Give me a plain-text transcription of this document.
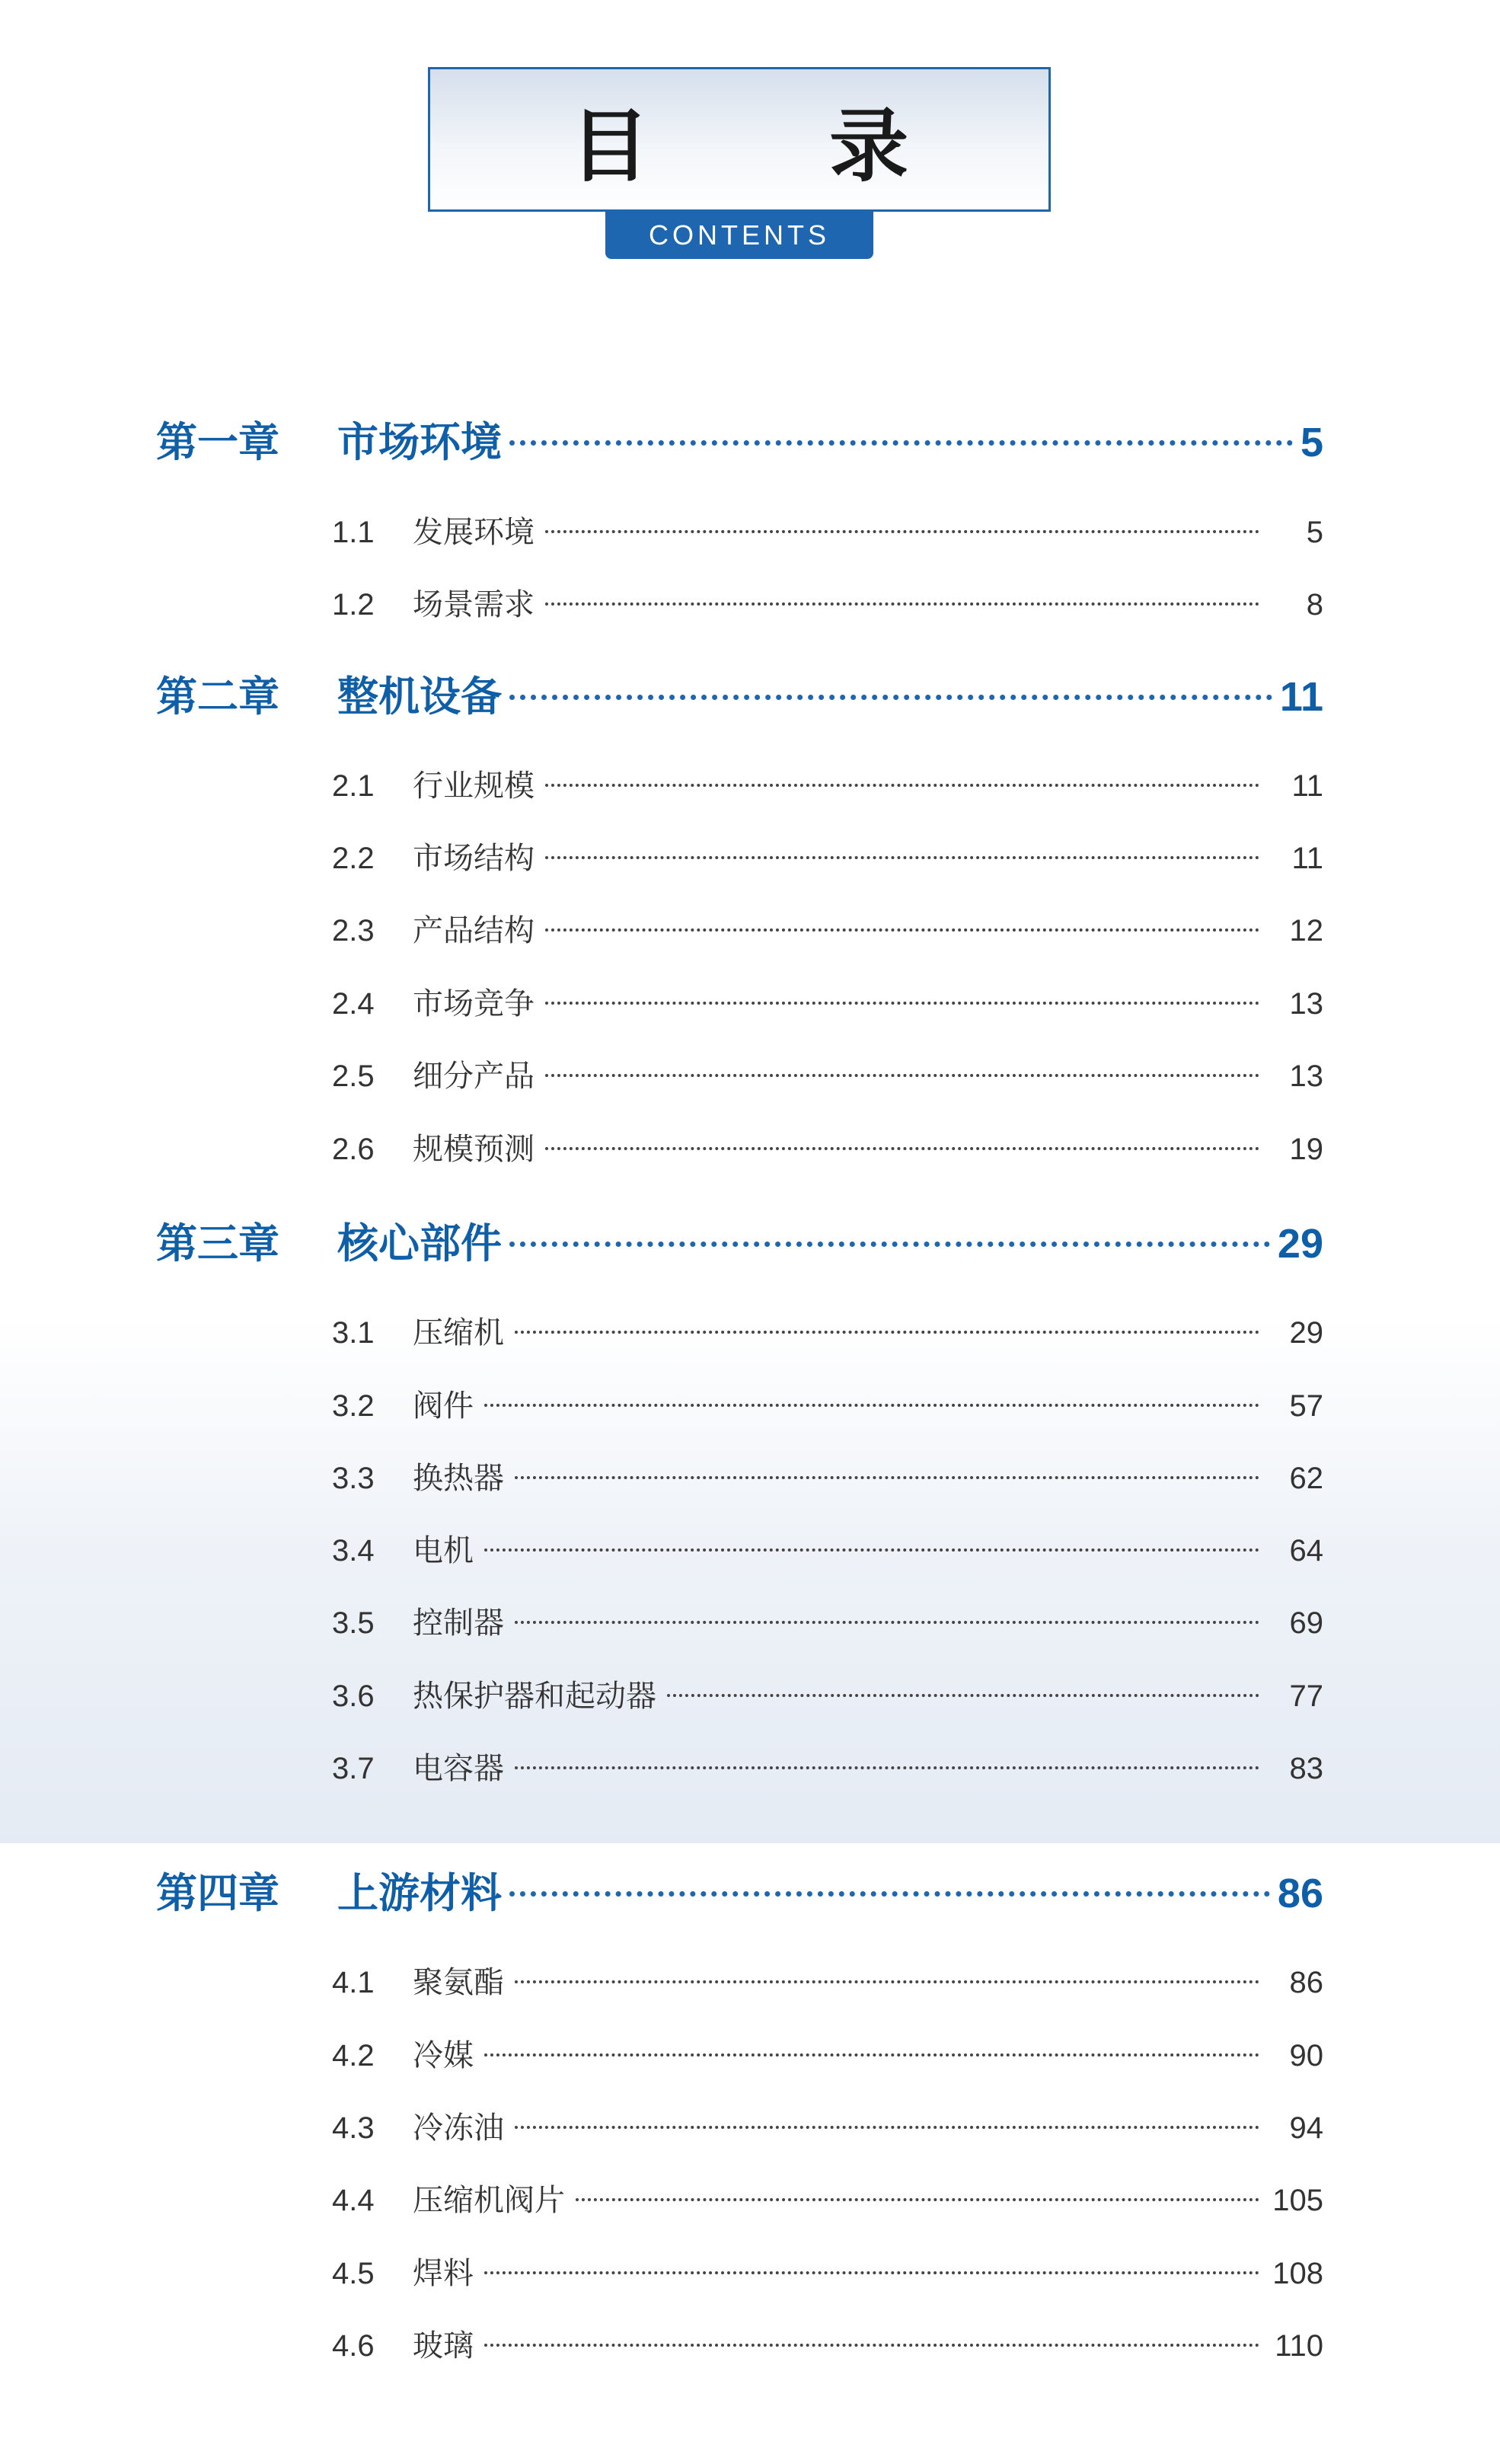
目 录
CONTENTS
第一章	市场环境	5
1.1	发展环境	5
1.2	场景需求	8
第二章	整机设备	11
2.1	行业规模	11
2.2	市场结构	11
2.3	产品结构	12
2.4	市场竞争	13
2.5	细分产品	13
2.6	规模预测	19
第三章	核心部件	29
3.1	压缩机	29
3.2	阀件	57
3.3	换热器	62
3.4	电机	64
3.5	控制器	69
3.6	热保护器和起动器	77
3.7	电容器	83
第四章	上游材料	86
4.1	聚氨酯	86
4.2	冷媒	90
4.3	冷冻油	94
4.4	压缩机阀片	105
4.5	焊料	108
4.6	玻璃	110
